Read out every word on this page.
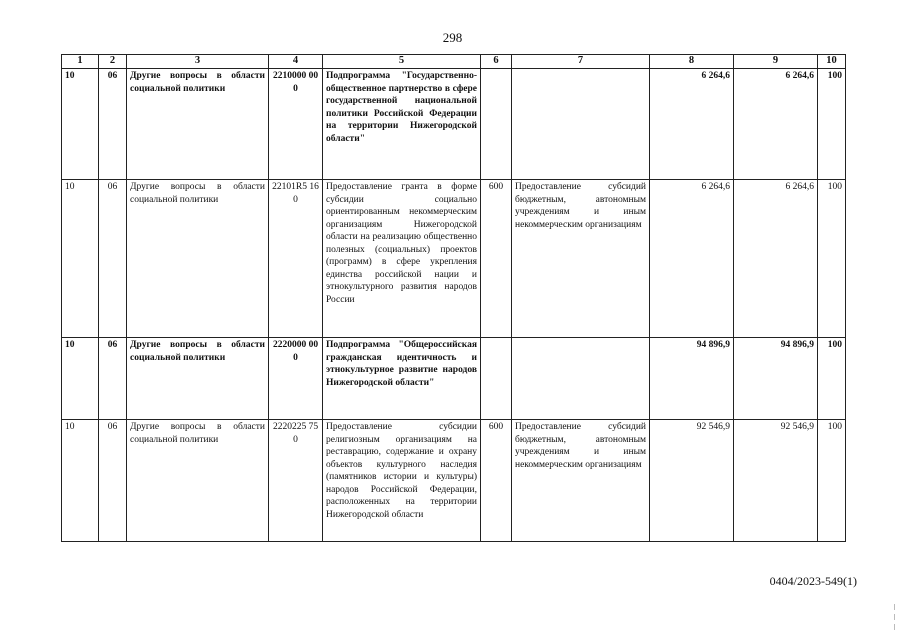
298
1	2	3	4	5	6	7	8	9	10
10	06	Другие вопросы в области социальной политики	2210000 000	Подпрограмма "Государственно-общественное партнерство в сфере государственной национальной политики Российской Федерации на территории Нижегородской области"			6 264,6	6 264,6	100
10	06	Другие вопросы в области социальной политики	22101R5 160	Предоставление гранта в форме субсидии социально ориентированным некоммерческим организациям Нижегородской области на реализацию общественно полезных (социальных) проектов (программ) в сфере укрепления единства российской нации и этнокультурного развития народов России	600	Предоставление субсидий бюджетным, автономным учреждениям и иным некоммерческим организациям	6 264,6	6 264,6	100
10	06	Другие вопросы в области социальной политики	2220000 000	Подпрограмма "Общероссийская гражданская идентичность и этнокультурное развитие народов Нижегородской области"			94 896,9	94 896,9	100
10	06	Другие вопросы в области социальной политики	2220225 750	Предоставление субсидии религиозным организациям на реставрацию, содержание и охрану объектов культурного наследия (памятников истории и культуры) народов Российской Федерации, расположенных на территории Нижегородской области	600	Предоставление субсидий бюджетным, автономным учреждениям и иным некоммерческим организациям	92 546,9	92 546,9	100
0404/2023-549(1)
